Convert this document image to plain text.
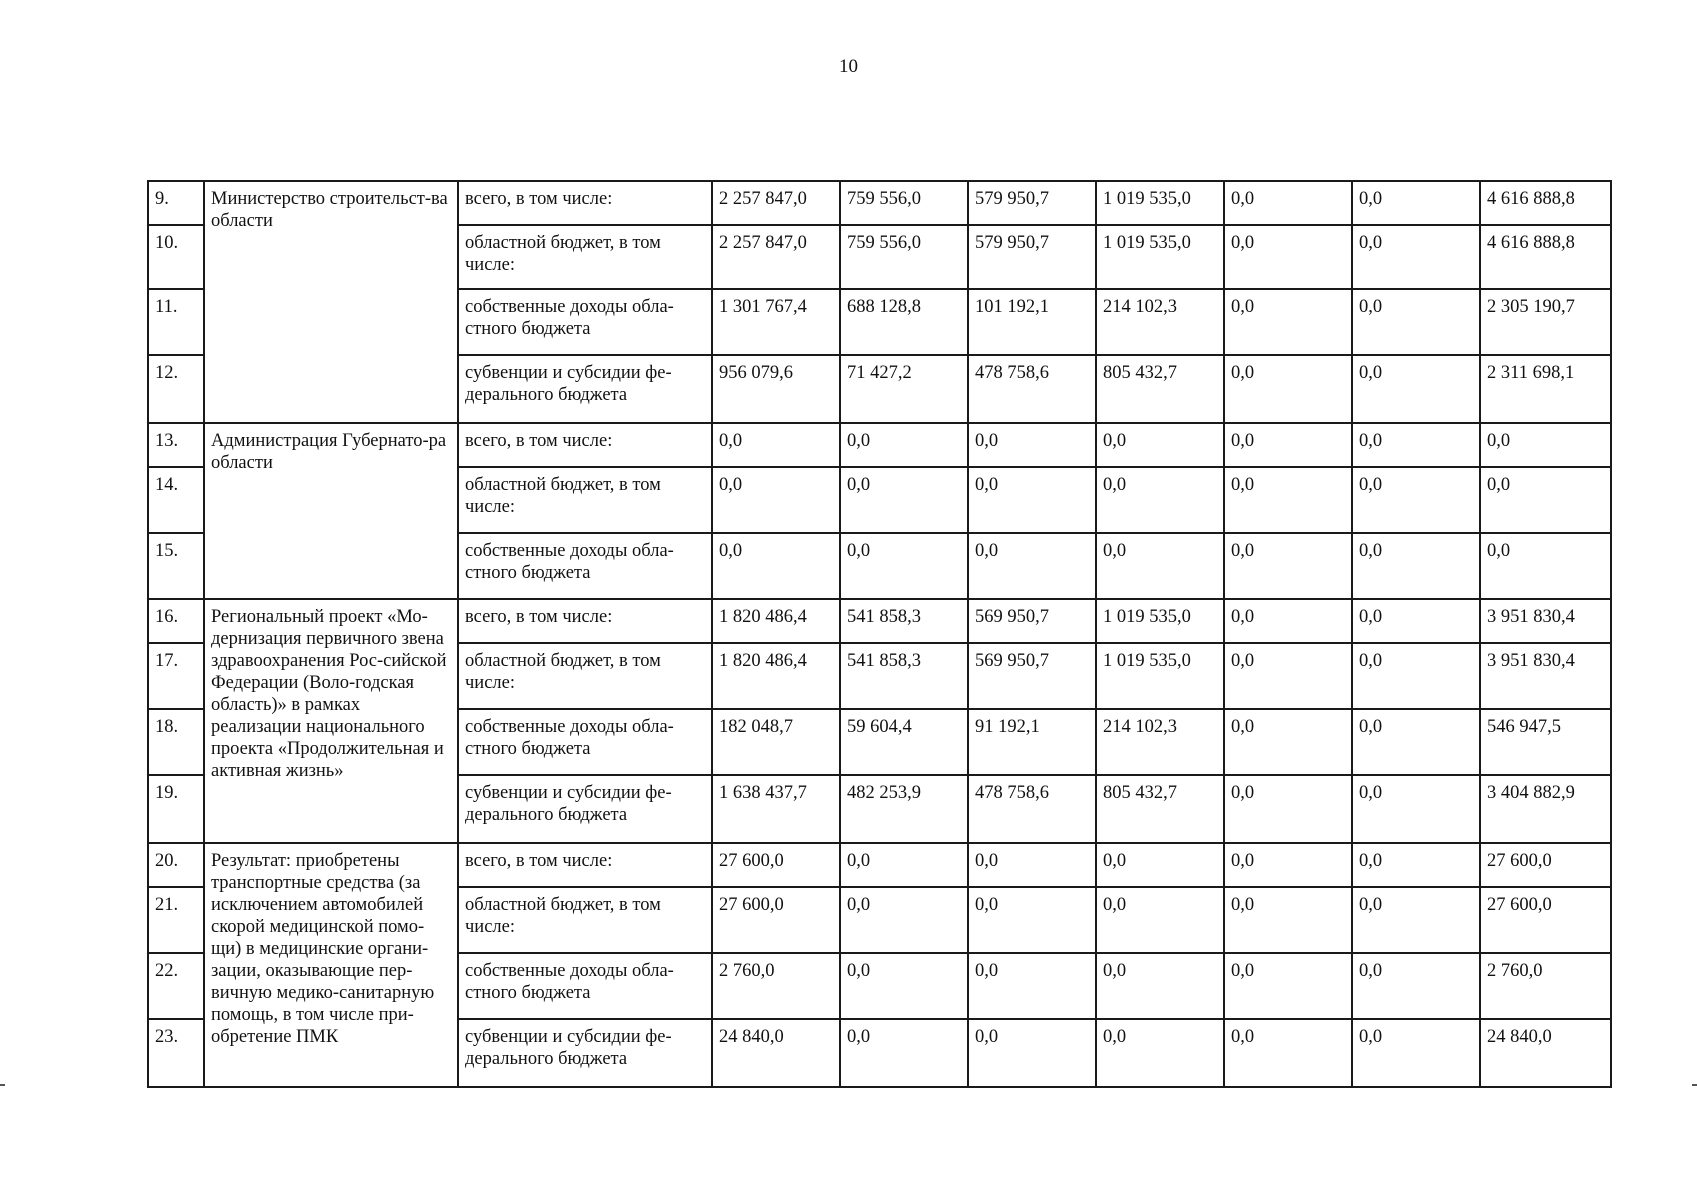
10
9.	Министерство строительст-ва области	всего, в том числе:	2 257 847,0	759 556,0	579 950,7	1 019 535,0	0,0	0,0	4 616 888,8
10.		областной бюджет, в том числе:	2 257 847,0	759 556,0	579 950,7	1 019 535,0	0,0	0,0	4 616 888,8
11.		собственные доходы обла-стного бюджета	1 301 767,4	688 128,8	101 192,1	214 102,3	0,0	0,0	2 305 190,7
12.		субвенции и субсидии фе-дерального бюджета	956 079,6	71 427,2	478 758,6	805 432,7	0,0	0,0	2 311 698,1
13.	Администрация Губернато-ра области	всего, в том числе:	0,0	0,0	0,0	0,0	0,0	0,0	0,0
14.		областной бюджет, в том числе:	0,0	0,0	0,0	0,0	0,0	0,0	0,0
15.		собственные доходы обла-стного бюджета	0,0	0,0	0,0	0,0	0,0	0,0	0,0
16.	Региональный проект «Мо-дернизация первичного звена здравоохранения Рос-сийской Федерации (Воло-годская область)» в рамках реализации национального проекта «Продолжительная и активная жизнь»	всего, в том числе:	1 820 486,4	541 858,3	569 950,7	1 019 535,0	0,0	0,0	3 951 830,4
17.		областной бюджет, в том числе:	1 820 486,4	541 858,3	569 950,7	1 019 535,0	0,0	0,0	3 951 830,4
18.		собственные доходы обла-стного бюджета	182 048,7	59 604,4	91 192,1	214 102,3	0,0	0,0	546 947,5
19.		субвенции и субсидии фе-дерального бюджета	1 638 437,7	482 253,9	478 758,6	805 432,7	0,0	0,0	3 404 882,9
20.	Результат: приобретены транспортные средства (за исключением автомобилей скорой медицинской помо-щи) в медицинские органи-зации, оказывающие пер-вичную медико-санитарную помощь, в том числе при-обретение ПМК	всего, в том числе:	27 600,0	0,0	0,0	0,0	0,0	0,0	27 600,0
21.		областной бюджет, в том числе:	27 600,0	0,0	0,0	0,0	0,0	0,0	27 600,0
22.		собственные доходы обла-стного бюджета	2 760,0	0,0	0,0	0,0	0,0	0,0	2 760,0
23.		субвенции и субсидии фе-дерального бюджета	24 840,0	0,0	0,0	0,0	0,0	0,0	24 840,0
